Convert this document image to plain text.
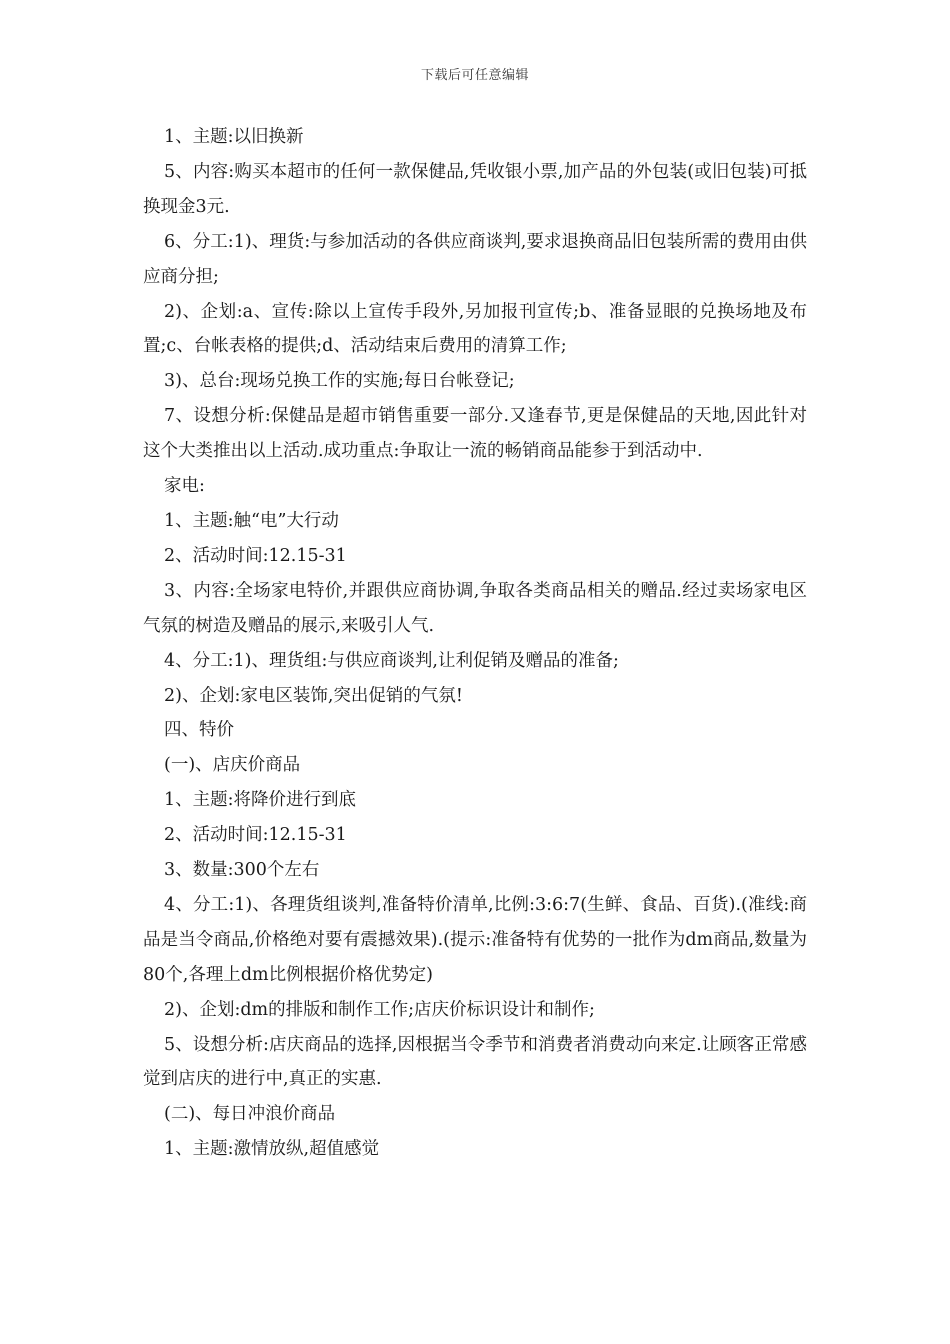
下载后可任意编辑

1、主题:以旧换新

5、内容:购买本超市的任何一款保健品,凭收银小票,加产品的外包装(或旧包装)可抵换现金3元.

6、分工:1)、理货:与参加活动的各供应商谈判,要求退换商品旧包装所需的费用由供应商分担;

2)、企划:a、宣传:除以上宣传手段外,另加报刊宣传;b、准备显眼的兑换场地及布置;c、台帐表格的提供;d、活动结束后费用的清算工作;

3)、总台:现场兑换工作的实施;每日台帐登记;

7、设想分析:保健品是超市销售重要一部分.又逢春节,更是保健品的天地,因此针对这个大类推出以上活动.成功重点:争取让一流的畅销商品能参于到活动中.

家电:

1、主题:触“电”大行动

2、活动时间:12.15-31

3、内容:全场家电特价,并跟供应商协调,争取各类商品相关的赠品.经过卖场家电区气氛的树造及赠品的展示,来吸引人气.

4、分工:1)、理货组:与供应商谈判,让利促销及赠品的准备;

2)、企划:家电区装饰,突出促销的气氛!

四、特价

(一)、店庆价商品

1、主题:将降价进行到底

2、活动时间:12.15-31

3、数量:300个左右

4、分工:1)、各理货组谈判,准备特价清单,比例:3:6:7(生鲜、食品、百货).(准线:商品是当令商品,价格绝对要有震撼效果).(提示:准备特有优势的一批作为dm商品,数量为80个,各理上dm比例根据价格优势定)

2)、企划:dm的排版和制作工作;店庆价标识设计和制作;

5、设想分析:店庆商品的选择,因根据当令季节和消费者消费动向来定.让顾客正常感觉到店庆的进行中,真正的实惠.

(二)、每日冲浪价商品

1、主题:激情放纵,超值感觉
